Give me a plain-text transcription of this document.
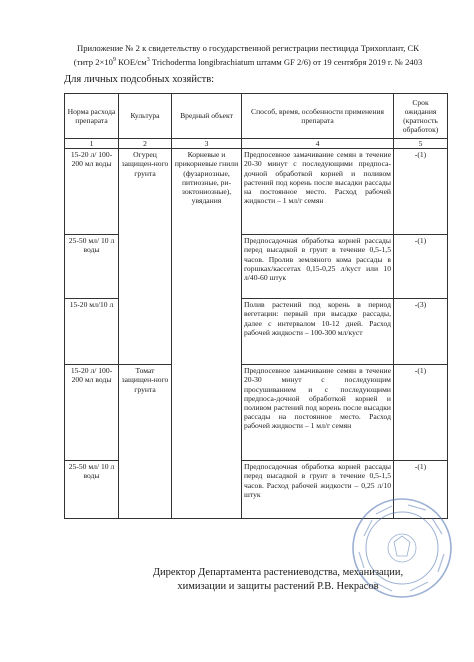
Приложение № 2 к свидетельству о государственной регистрации пестицида Трихоплант, СК
(титр $2\times 10^9$ КОЕ/$см^3$ Trichoderma longibrachiatum штамм GF 2/6) от 19 сентября 2019 г. № 2403
Для личных подсобных хозяйств:
Норма расхода препарата	Культура	Вредный объект	Способ, время, особенности применения препарата	Срок ожидания (кратность обработок)
1	2	3	4	5
15-20 л/ 100-200 мл воды	Огурец защищен-ного грунта	Корневые и прикорневые гнили (фузариозные, питиозные, ри-зоктониозные), увядания	Предпосевное замачивание семян в течение 20-30 минут с последующими предпоса-дочной обработкой корней и поливом растений под корень после высадки рассады на постоянное место. Расход рабочей жидкости – 1 мл/г семян	-(1)
25-50 мл/ 10 л воды			Предпосадочная обработка корней рассады перед высадкой в грунт в течение 0,5-1,5 часов. Пролив земляного кома рассады в горшках/кассетах 0,15-0,25 л/куст или 10 л/40-60 штук	-(1)
15-20 мл/10 л			Полив растений под корень в период вегетации: первый при высадке рассады, далее с интервалом 10-12 дней. Расход рабочей жидкости – 100-300 мл/куст	-(3)
15-20 л/ 100-200 мл воды	Томат защищен-ного грунта		Предпосевное замачивание семян в течение 20-30 минут с последующим просушиванием и с последующими предпоса-дочной обработкой корней и поливом растений под корень после высадки рассады на постоянное место. Расход рабочей жидкости – 1 мл/г семян	-(1)
25-50 мл/ 10 л воды			Предпосадочная обработка корней рассады перед высадкой в грунт в течение 0,5-1,5 часов. Расход рабочей жидкости – 0,25 л/10 штук	-(1)
Директор Департамента растениеводства, механизации,
химизации и защиты растений Р.В. Некрасов
